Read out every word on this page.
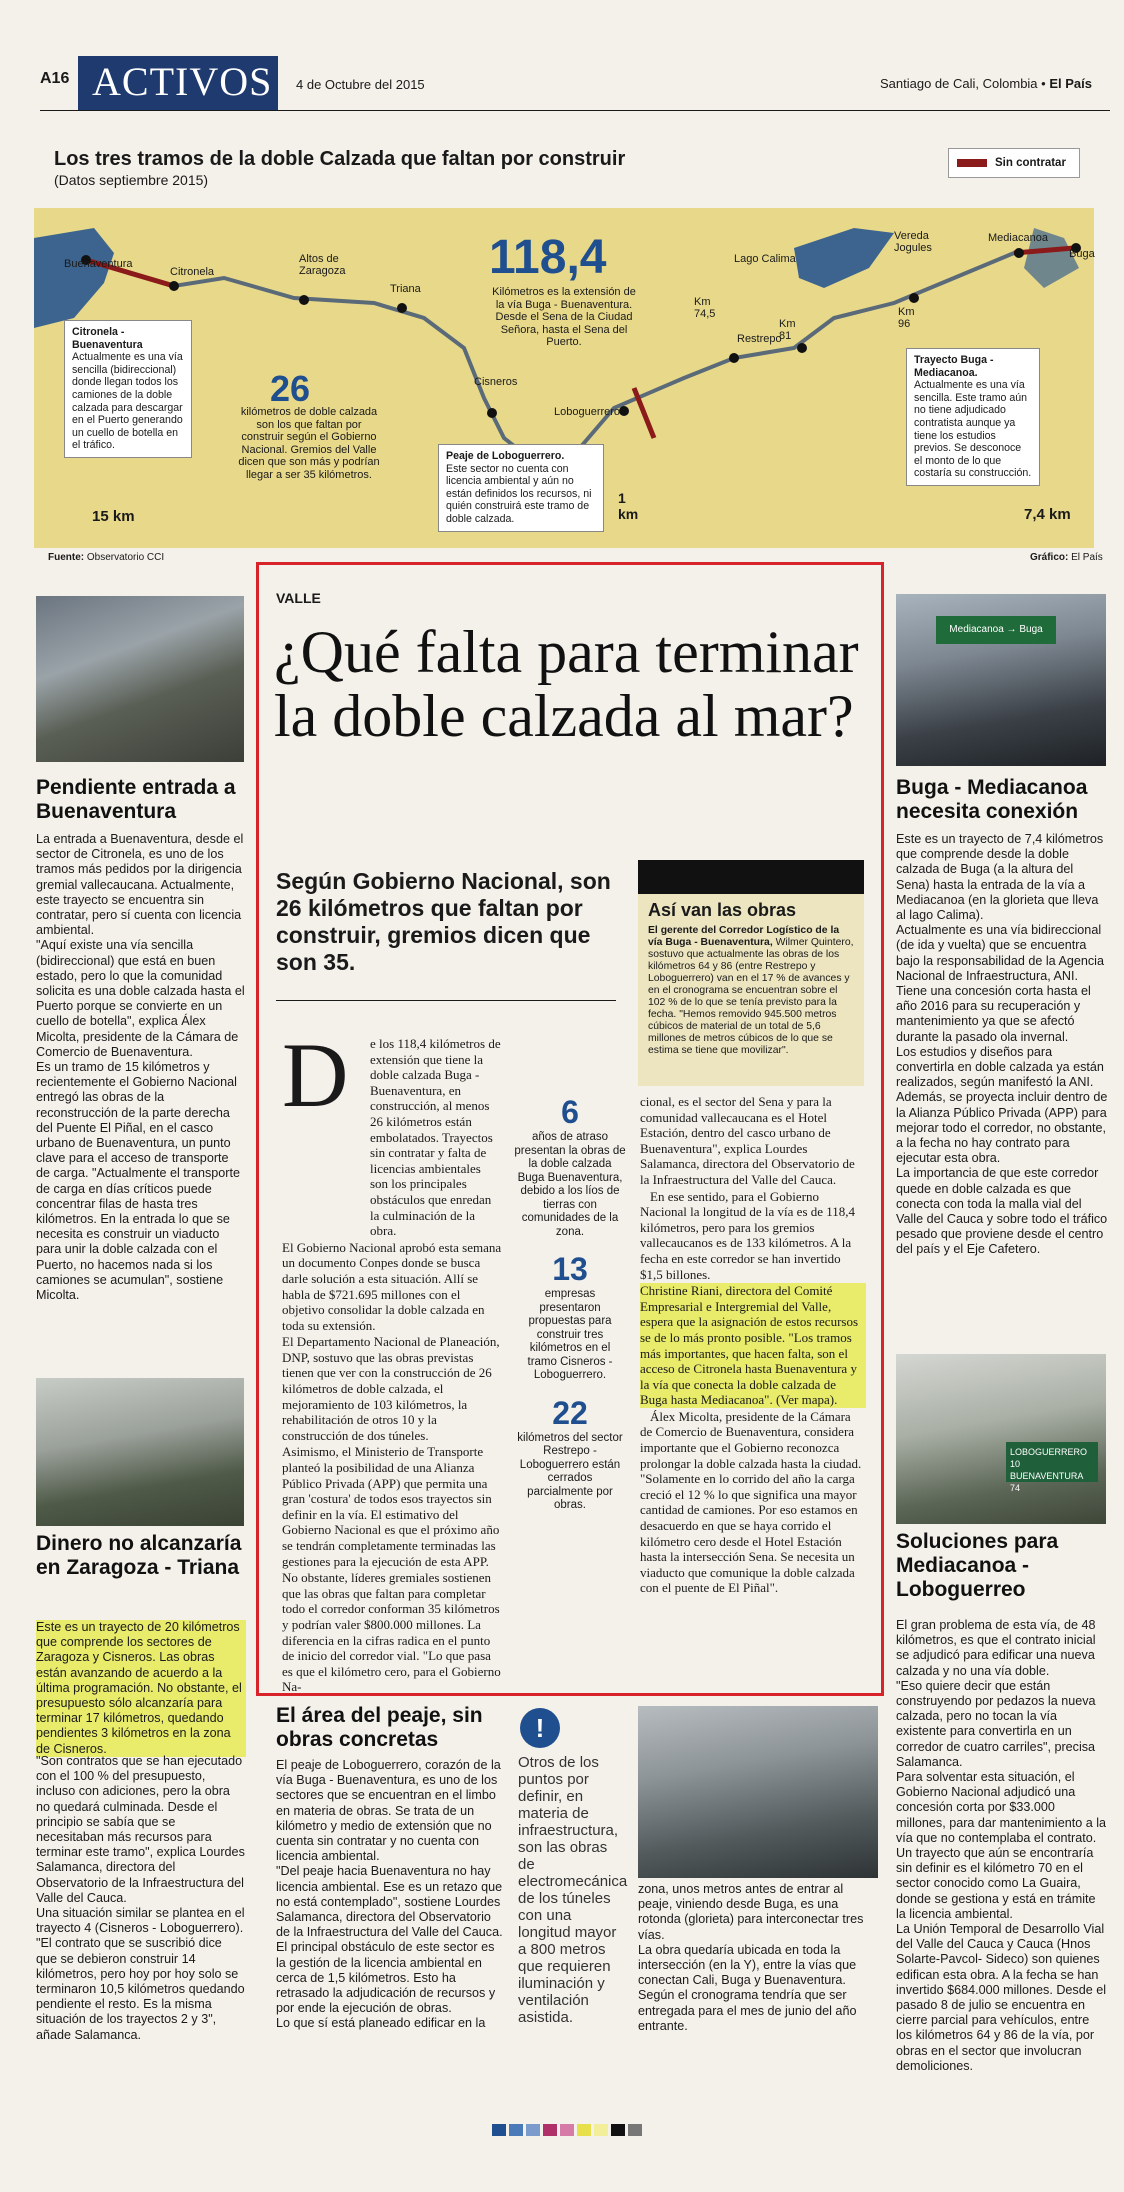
A16 ACTIVOS	4 de Octubre del 2015	Santiago de Cali, Colombia • El País
Los tres tramos de la doble Calzada que faltan por construir
(Datos septiembre 2015)
Sin contratar
Buenaventura
Citronela
Altos de Zaragoza
Triana
Cisneros
Loboguerrero
Lago Calima
Km 74,5
Km 81
Restrepo
Vereda Jogules
Km 96
Mediacanoa
Buga
118,4
Kilómetros es la extensión de la vía Buga - Buenaventura. Desde el Sena de la Ciudad Señora, hasta el Sena del Puerto.
26
kilómetros de doble calzada son los que faltan por construir según el Gobierno Nacional. Gremios del Valle dicen que son más y podrían llegar a ser 35 kilómetros.
Citronela - Buenaventura
Actualmente es una vía sencilla (bidireccional) donde llegan todos los camiones de la doble calzada para descargar en el Puerto generando un cuello de botella en el tráfico.
15 km
Peaje de Loboguerrero.
Este sector no cuenta con licencia ambiental y aún no están definidos los recursos, ni quién construirá este tramo de doble calzada.
1 km
Trayecto Buga - Mediacanoa.
Actualmente es una vía sencilla. Este tramo aún no tiene adjudicado contratista aunque ya tiene los estudios previos. Se desconoce el monto de lo que costaría su construcción.
7,4 km
Fuente: Observatorio CCI	Gráfico: El País
Pendiente entrada a Buenaventura
La entrada a Buenaventura, desde el sector de Citronela, es uno de los tramos más pedidos por la dirigencia gremial vallecaucana. Actualmente, este trayecto se encuentra sin contratar, pero sí cuenta con licencia ambiental.
"Aquí existe una vía sencilla (bidireccional) que está en buen estado, pero lo que la comunidad solicita es una doble calzada hasta el Puerto porque se convierte en un cuello de botella", explica Álex Micolta, presidente de la Cámara de Comercio de Buenaventura.
Es un tramo de 15 kilómetros y recientemente el Gobierno Nacional entregó las obras de la reconstrucción de la parte derecha del Puente El Piñal, en el casco urbano de Buenaventura, un punto clave para el acceso de transporte de carga. "Actualmente el transporte de carga en días críticos puede concentrar filas de hasta tres kilómetros. En la entrada lo que se necesita es construir un viaducto para unir la doble calzada con el Puerto, no hacemos nada si los camiones se acumulan", sostiene Micolta.
Dinero no alcanzaría en Zaragoza - Triana
Este es un trayecto de 20 kilómetros que comprende los sectores de Zaragoza y Cisneros. Las obras están avanzando de acuerdo a la última programación. No obstante, el presupuesto sólo alcanzaría para terminar 17 kilómetros, quedando pendientes 3 kilómetros en la zona de Cisneros.
"Son contratos que se han ejecutado con el 100 % del presupuesto, incluso con adiciones, pero la obra no quedará culminada. Desde el principio se sabía que se necesitaban más recursos para terminar este tramo", explica Lourdes Salamanca, directora del Observatorio de la Infraestructura del Valle del Cauca.
Una situación similar se plantea en el trayecto 4 (Cisneros - Loboguerrero).
"El contrato que se suscribió dice que se debieron construir 14 kilómetros, pero hoy por hoy solo se terminaron 10,5 kilómetros quedando pendiente el resto. Es la misma situación de los trayectos 2 y 3", añade Salamanca.
VALLE
¿Qué falta para terminar la doble calzada al mar?
Según Gobierno Nacional, son 26 kilómetros que faltan por construir, gremios dicen que son 35.
Así van las obras
El gerente del Corredor Logístico de la vía Buga - Buenaventura, Wilmer Quintero, sostuvo que actualmente las obras de los kilómetros 64 y 86 (entre Restrepo y Loboguerrero) van en el 17 % de avances y en el cronograma se encuentran sobre el 102 % de lo que se tenía previsto para la fecha. "Hemos removido 945.500 metros cúbicos de material de un total de 5,6 millones de metros cúbicos de lo que se estima se tiene que movilizar".
D	e los 118,4 kilómetros de extensión que tiene la doble calzada Buga - Buenaventura, en construcción, al menos 26 kilómetros están embolatados. Trayectos sin contratar y falta de licencias ambientales son los principales obstáculos que enredan la culminación de la obra.

El Gobierno Nacional aprobó esta semana un documento Conpes donde se busca darle solución a esta situación. Allí se habla de $721.695 millones con el objetivo consolidar la doble calzada en toda su extensión.

El Departamento Nacional de Planeación, DNP, sostuvo que las obras previstas tienen que ver con la construcción de 26 kilómetros de doble calzada, el mejoramiento de 103 kilómetros, la rehabilitación de otros 10 y la construcción de dos túneles.

Asimismo, el Ministerio de Transporte planteó la posibilidad de una Alianza Público Privada (APP) que permita una gran 'costura' de todos esos trayectos sin definir en la vía. El estimativo del Gobierno Nacional es que el próximo año se tendrán completamente terminadas las gestiones para la ejecución de esta APP.

No obstante, líderes gremiales sostienen que las obras que faltan para completar todo el corredor conforman 35 kilómetros y podrían valer $800.000 millones. La diferencia en la cifras radica en el punto de inicio del corredor vial. "Lo que pasa es que el kilómetro cero, para el Gobierno Na-

6
años de atraso presentan la obras de la doble calzada Buga Buenaventura, debido a los líos de tierras con comunidades de la zona.
13
empresas presentaron propuestas para construir tres kilómetros en el tramo Cisneros - Loboguerrero.
22
kilómetros del sector Restrepo - Loboguerrero están cerrados parcialmente por obras.

cional, es el sector del Sena y para la comunidad vallecaucana es el Hotel Estación, dentro del casco urbano de Buenaventura", explica Lourdes Salamanca, directora del Observatorio de la Infraestructura del Valle del Cauca.

En ese sentido, para el Gobierno Nacional la longitud de la vía es de 118,4 kilómetros, pero para los gremios vallecaucanos es de 133 kilómetros. A la fecha en este corredor se han invertido $1,5 billones.

Christine Riani, directora del Comité Empresarial e Intergremial del Valle, espera que la asignación de estos recursos se de lo más pronto posible. "Los tramos más importantes, que hacen falta, son el acceso de Citronela hasta Buenaventura y la vía que conecta la doble calzada de Buga hasta Mediacanoa". (Ver mapa).

Álex Micolta, presidente de la Cámara de Comercio de Buenaventura, considera importante que el Gobierno reconozca prolongar la doble calzada hasta la ciudad. "Solamente en lo corrido del año la carga creció el 12 % lo que significa una mayor cantidad de camiones. Por eso estamos en desacuerdo en que se haya corrido el kilómetro cero desde el Hotel Estación hasta la intersección Sena. Se necesita un viaducto que comunique la doble calzada con el puente de El Piñal".

Mediacanoa → Buga
Buga - Mediacanoa necesita conexión
Este es un trayecto de 7,4 kilómetros que comprende desde la doble calzada de Buga (a la altura del Sena) hasta la entrada de la vía a Mediacanoa (en la glorieta que lleva al lago Calima).
Actualmente es una vía bidireccional (de ida y vuelta) que se encuentra bajo la responsabilidad de la Agencia Nacional de Infraestructura, ANI. Tiene una concesión corta hasta el año 2016 para su recuperación y mantenimiento ya que se afectó durante la pasado ola invernal.
Los estudios y diseños para convertirla en doble calzada ya están realizados, según manifestó la ANI. Además, se proyecta incluir dentro de la Alianza Público Privada (APP) para mejorar todo el corredor, no obstante, a la fecha no hay contrato para ejecutar esta obra.
La importancia de que este corredor quede en doble calzada es que conecta con toda la malla vial del Valle del Cauca y sobre todo el tráfico pesado que proviene desde el centro del país y el Eje Cafetero.
LOBOGUERRERO 10 BUENAVENTURA 74
Soluciones para Mediacanoa - Loboguerreo
El gran problema de esta vía, de 48 kilómetros, es que el contrato inicial se adjudicó para edificar una nueva calzada y no una vía doble.
"Eso quiere decir que están construyendo por pedazos la nueva calzada, pero no tocan la vía existente para convertirla en un corredor de cuatro carriles", precisa Salamanca.
Para solventar esta situación, el Gobierno Nacional adjudicó una concesión corta por $33.000 millones, para dar mantenimiento a la vía que no contemplaba el contrato.
Un trayecto que aún se encontraría sin definir es el kilómetro 70 en el sector conocido como La Guaira, donde se gestiona y está en trámite la licencia ambiental.
La Unión Temporal de Desarrollo Vial del Valle del Cauca y Cauca (Hnos Solarte-Pavcol- Sideco) son quienes edifican esta obra. A la fecha se han invertido $684.000 millones. Desde el pasado 8 de julio se encuentra en cierre parcial para vehículos, entre los kilómetros 64 y 86 de la vía, por obras en el sector que involucran demoliciones.
El área del peaje, sin obras concretas
El peaje de Loboguerrero, corazón de la vía Buga - Buenaventura, es uno de los sectores que se encuentran en el limbo en materia de obras. Se trata de un kilómetro y medio de extensión que no cuenta sin contratar y no cuenta con licencia ambiental.
"Del peaje hacia Buenaventura no hay licencia ambiental. Ese es un retazo que no está contemplado", sostiene Lourdes Salamanca, directora del Observatorio de la Infraestructura del Valle del Cauca.
El principal obstáculo de este sector es la gestión de la licencia ambiental en cerca de 1,5 kilómetros. Esto ha retrasado la adjudicación de recursos y por ende la ejecución de obras.
Lo que sí está planeado edificar en la
!
Otros de los puntos por definir, en materia de infraestructura, son las obras de electromecánica de los túneles con una longitud mayor a 800 metros que requieren iluminación y ventilación asistida.
zona, unos metros antes de entrar al peaje, viniendo desde Buga, es una rotonda (glorieta) para interconectar tres vías.
La obra quedaría ubicada en toda la intersección (en la Y), entre la vías que conectan Cali, Buga y Buenaventura.
Según el cronograma tendría que ser entregada para el mes de junio del año entrante.
